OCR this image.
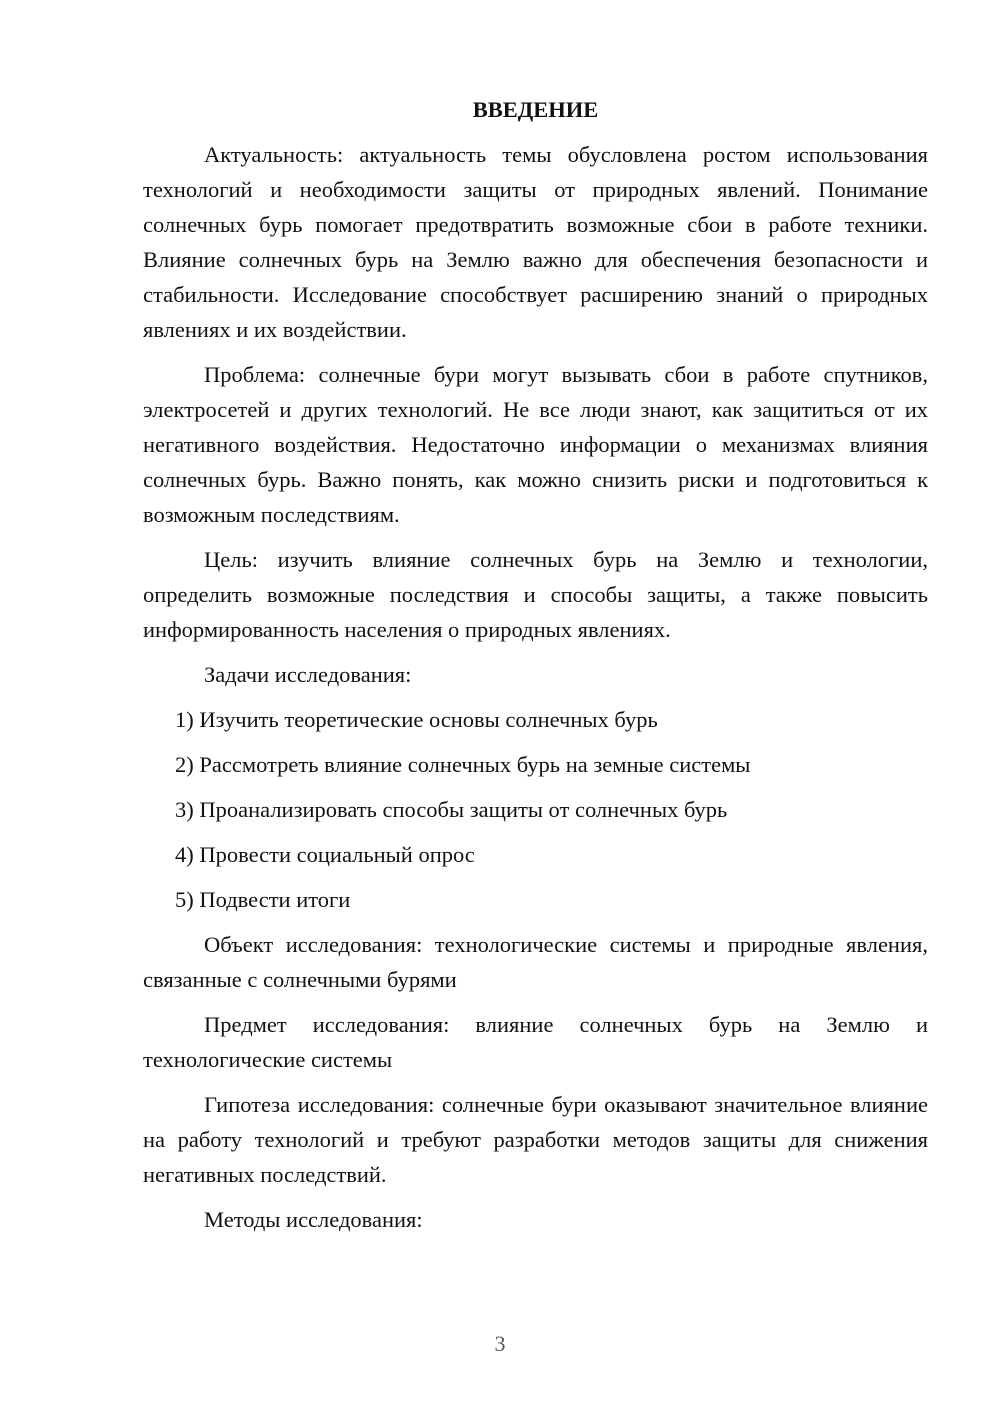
ВВЕДЕНИЕ

Актуальность: актуальность темы обусловлена ростом использования технологий и необходимости защиты от природных явлений. Понимание солнечных бурь помогает предотвратить возможные сбои в работе техники. Влияние солнечных бурь на Землю важно для обеспечения безопасности и стабильности. Исследование способствует расширению знаний о природных явлениях и их воздействии.

Проблема: солнечные бури могут вызывать сбои в работе спутников, электросетей и других технологий. Не все люди знают, как защититься от их негативного воздействия. Недостаточно информации о механизмах влияния солнечных бурь. Важно понять, как можно снизить риски и подготовиться к возможным последствиям.

Цель: изучить влияние солнечных бурь на Землю и технологии, определить возможные последствия и способы защиты, а также повысить информированность населения о природных явлениях.

Задачи исследования:

1) Изучить теоретические основы солнечных бурь

2) Рассмотреть влияние солнечных бурь на земные системы

3) Проанализировать способы защиты от солнечных бурь

4) Провести социальный опрос

5) Подвести итоги

Объект исследования: технологические системы и природные явления, связанные с солнечными бурями

Предмет исследования: влияние солнечных бурь на Землю и технологические системы

Гипотеза исследования: солнечные бури оказывают значительное влияние на работу технологий и требуют разработки методов защиты для снижения негативных последствий.

Методы исследования:

3
